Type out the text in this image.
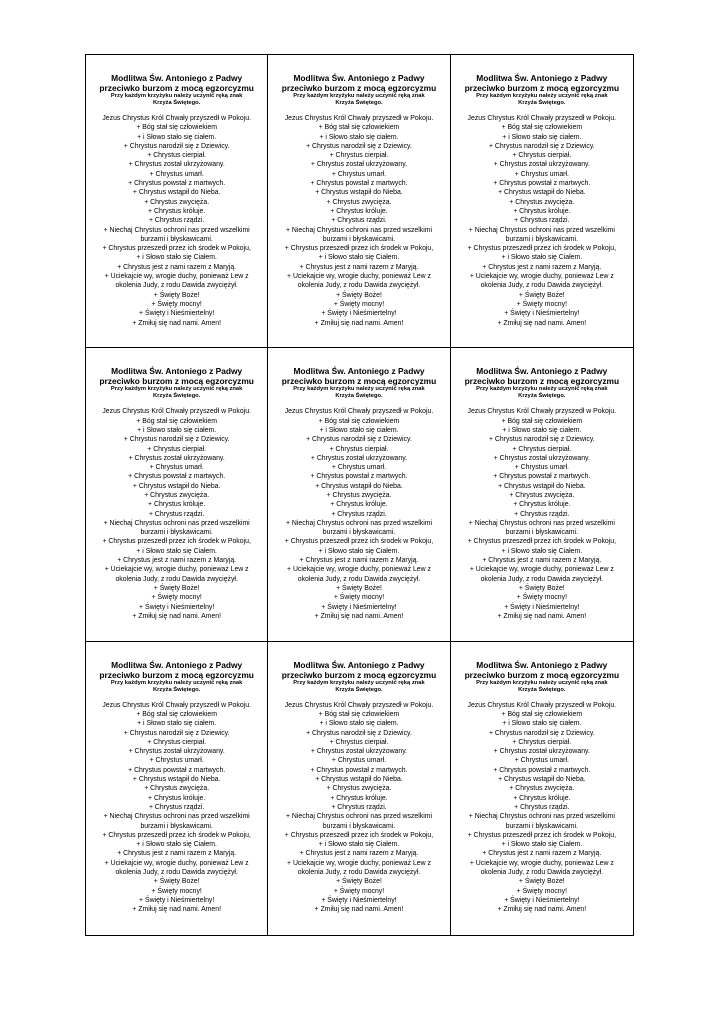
Modlitwa Św. Antoniego z Padwy

przeciwko burzom z mocą egzorcyzmu

Przy każdym krzyżyku należy uczynić ręką znak
Krzyża Świętego.

Jezus Chrystus Król Chwały przyszedł w Pokoju.

+ Bóg stał się człowiekiem

+ i Słowo stało się ciałem.

+ Chrystus narodził się z Dziewicy.

+ Chrystus cierpiał.

+ Chrystus został ukrzyżowany.

+ Chrystus umarł.

+ Chrystus powstał z martwych.

+ Chrystus wstąpił do Nieba.

+ Chrystus zwycięża.

+ Chrystus króluje.

+ Chrystus rządzi.

+ Niechaj Chrystus ochroni nas przed wszelkimi

burzami i błyskawicami.

+ Chrystus przeszedł przez ich środek w Pokoju,

+ i Słowo stało się Ciałem.

+ Chrystus jest z nami razem z Maryją.

+ Uciekajcie wy, wrogie duchy, ponieważ Lew z

okolenia Judy, z rodu Dawida zwyciężył.

+ Święty Boże!

+ Święty mocny!

+ Święty i Nieśmiertelny!

+ Zmiłuj się nad nami. Amen!

Modlitwa Św. Antoniego z Padwy

przeciwko burzom z mocą egzorcyzmu

Przy każdym krzyżyku należy uczynić ręką znak
Krzyża Świętego.

Jezus Chrystus Król Chwały przyszedł w Pokoju.

+ Bóg stał się człowiekiem

+ i Słowo stało się ciałem.

+ Chrystus narodził się z Dziewicy.

+ Chrystus cierpiał.

+ Chrystus został ukrzyżowany.

+ Chrystus umarł.

+ Chrystus powstał z martwych.

+ Chrystus wstąpił do Nieba.

+ Chrystus zwycięża.

+ Chrystus króluje.

+ Chrystus rządzi.

+ Niechaj Chrystus ochroni nas przed wszelkimi

burzami i błyskawicami.

+ Chrystus przeszedł przez ich środek w Pokoju,

+ i Słowo stało się Ciałem.

+ Chrystus jest z nami razem z Maryją.

+ Uciekajcie wy, wrogie duchy, ponieważ Lew z

okolenia Judy, z rodu Dawida zwyciężył.

+ Święty Boże!

+ Święty mocny!

+ Święty i Nieśmiertelny!

+ Zmiłuj się nad nami. Amen!

Modlitwa Św. Antoniego z Padwy

przeciwko burzom z mocą egzorcyzmu

Przy każdym krzyżyku należy uczynić ręką znak
Krzyża Świętego.

Jezus Chrystus Król Chwały przyszedł w Pokoju.

+ Bóg stał się człowiekiem

+ i Słowo stało się ciałem.

+ Chrystus narodził się z Dziewicy.

+ Chrystus cierpiał.

+ Chrystus został ukrzyżowany.

+ Chrystus umarł.

+ Chrystus powstał z martwych.

+ Chrystus wstąpił do Nieba.

+ Chrystus zwycięża.

+ Chrystus króluje.

+ Chrystus rządzi.

+ Niechaj Chrystus ochroni nas przed wszelkimi

burzami i błyskawicami.

+ Chrystus przeszedł przez ich środek w Pokoju,

+ i Słowo stało się Ciałem.

+ Chrystus jest z nami razem z Maryją.

+ Uciekajcie wy, wrogie duchy, ponieważ Lew z

okolenia Judy, z rodu Dawida zwyciężył.

+ Święty Boże!

+ Święty mocny!

+ Święty i Nieśmiertelny!

+ Zmiłuj się nad nami. Amen!

Modlitwa Św. Antoniego z Padwy

przeciwko burzom z mocą egzorcyzmu

Przy każdym krzyżyku należy uczynić ręką znak
Krzyża Świętego.

Jezus Chrystus Król Chwały przyszedł w Pokoju.

+ Bóg stał się człowiekiem

+ i Słowo stało się ciałem.

+ Chrystus narodził się z Dziewicy.

+ Chrystus cierpiał.

+ Chrystus został ukrzyżowany.

+ Chrystus umarł.

+ Chrystus powstał z martwych.

+ Chrystus wstąpił do Nieba.

+ Chrystus zwycięża.

+ Chrystus króluje.

+ Chrystus rządzi.

+ Niechaj Chrystus ochroni nas przed wszelkimi

burzami i błyskawicami.

+ Chrystus przeszedł przez ich środek w Pokoju,

+ i Słowo stało się Ciałem.

+ Chrystus jest z nami razem z Maryją.

+ Uciekajcie wy, wrogie duchy, ponieważ Lew z

okolenia Judy, z rodu Dawida zwyciężył.

+ Święty Boże!

+ Święty mocny!

+ Święty i Nieśmiertelny!

+ Zmiłuj się nad nami. Amen!

Modlitwa Św. Antoniego z Padwy

przeciwko burzom z mocą egzorcyzmu

Przy każdym krzyżyku należy uczynić ręką znak
Krzyża Świętego.

Jezus Chrystus Król Chwały przyszedł w Pokoju.

+ Bóg stał się człowiekiem

+ i Słowo stało się ciałem.

+ Chrystus narodził się z Dziewicy.

+ Chrystus cierpiał.

+ Chrystus został ukrzyżowany.

+ Chrystus umarł.

+ Chrystus powstał z martwych.

+ Chrystus wstąpił do Nieba.

+ Chrystus zwycięża.

+ Chrystus króluje.

+ Chrystus rządzi.

+ Niechaj Chrystus ochroni nas przed wszelkimi

burzami i błyskawicami.

+ Chrystus przeszedł przez ich środek w Pokoju,

+ i Słowo stało się Ciałem.

+ Chrystus jest z nami razem z Maryją.

+ Uciekajcie wy, wrogie duchy, ponieważ Lew z

okolenia Judy, z rodu Dawida zwyciężył.

+ Święty Boże!

+ Święty mocny!

+ Święty i Nieśmiertelny!

+ Zmiłuj się nad nami. Amen!

Modlitwa Św. Antoniego z Padwy

przeciwko burzom z mocą egzorcyzmu

Przy każdym krzyżyku należy uczynić ręką znak
Krzyża Świętego.

Jezus Chrystus Król Chwały przyszedł w Pokoju.

+ Bóg stał się człowiekiem

+ i Słowo stało się ciałem.

+ Chrystus narodził się z Dziewicy.

+ Chrystus cierpiał.

+ Chrystus został ukrzyżowany.

+ Chrystus umarł.

+ Chrystus powstał z martwych.

+ Chrystus wstąpił do Nieba.

+ Chrystus zwycięża.

+ Chrystus króluje.

+ Chrystus rządzi.

+ Niechaj Chrystus ochroni nas przed wszelkimi

burzami i błyskawicami.

+ Chrystus przeszedł przez ich środek w Pokoju,

+ i Słowo stało się Ciałem.

+ Chrystus jest z nami razem z Maryją.

+ Uciekajcie wy, wrogie duchy, ponieważ Lew z

okolenia Judy, z rodu Dawida zwyciężył.

+ Święty Boże!

+ Święty mocny!

+ Święty i Nieśmiertelny!

+ Zmiłuj się nad nami. Amen!

Modlitwa Św. Antoniego z Padwy

przeciwko burzom z mocą egzorcyzmu

Przy każdym krzyżyku należy uczynić ręką znak
Krzyża Świętego.

Jezus Chrystus Król Chwały przyszedł w Pokoju.

+ Bóg stał się człowiekiem

+ i Słowo stało się ciałem.

+ Chrystus narodził się z Dziewicy.

+ Chrystus cierpiał.

+ Chrystus został ukrzyżowany.

+ Chrystus umarł.

+ Chrystus powstał z martwych.

+ Chrystus wstąpił do Nieba.

+ Chrystus zwycięża.

+ Chrystus króluje.

+ Chrystus rządzi.

+ Niechaj Chrystus ochroni nas przed wszelkimi

burzami i błyskawicami.

+ Chrystus przeszedł przez ich środek w Pokoju,

+ i Słowo stało się Ciałem.

+ Chrystus jest z nami razem z Maryją.

+ Uciekajcie wy, wrogie duchy, ponieważ Lew z

okolenia Judy, z rodu Dawida zwyciężył.

+ Święty Boże!

+ Święty mocny!

+ Święty i Nieśmiertelny!

+ Zmiłuj się nad nami. Amen!

Modlitwa Św. Antoniego z Padwy

przeciwko burzom z mocą egzorcyzmu

Przy każdym krzyżyku należy uczynić ręką znak
Krzyża Świętego.

Jezus Chrystus Król Chwały przyszedł w Pokoju.

+ Bóg stał się człowiekiem

+ i Słowo stało się ciałem.

+ Chrystus narodził się z Dziewicy.

+ Chrystus cierpiał.

+ Chrystus został ukrzyżowany.

+ Chrystus umarł.

+ Chrystus powstał z martwych.

+ Chrystus wstąpił do Nieba.

+ Chrystus zwycięża.

+ Chrystus króluje.

+ Chrystus rządzi.

+ Niechaj Chrystus ochroni nas przed wszelkimi

burzami i błyskawicami.

+ Chrystus przeszedł przez ich środek w Pokoju,

+ i Słowo stało się Ciałem.

+ Chrystus jest z nami razem z Maryją.

+ Uciekajcie wy, wrogie duchy, ponieważ Lew z

okolenia Judy, z rodu Dawida zwyciężył.

+ Święty Boże!

+ Święty mocny!

+ Święty i Nieśmiertelny!

+ Zmiłuj się nad nami. Amen!

Modlitwa Św. Antoniego z Padwy

przeciwko burzom z mocą egzorcyzmu

Przy każdym krzyżyku należy uczynić ręką znak
Krzyża Świętego.

Jezus Chrystus Król Chwały przyszedł w Pokoju.

+ Bóg stał się człowiekiem

+ i Słowo stało się ciałem.

+ Chrystus narodził się z Dziewicy.

+ Chrystus cierpiał.

+ Chrystus został ukrzyżowany.

+ Chrystus umarł.

+ Chrystus powstał z martwych.

+ Chrystus wstąpił do Nieba.

+ Chrystus zwycięża.

+ Chrystus króluje.

+ Chrystus rządzi.

+ Niechaj Chrystus ochroni nas przed wszelkimi

burzami i błyskawicami.

+ Chrystus przeszedł przez ich środek w Pokoju,

+ i Słowo stało się Ciałem.

+ Chrystus jest z nami razem z Maryją.

+ Uciekajcie wy, wrogie duchy, ponieważ Lew z

okolenia Judy, z rodu Dawida zwyciężył.

+ Święty Boże!

+ Święty mocny!

+ Święty i Nieśmiertelny!

+ Zmiłuj się nad nami. Amen!
